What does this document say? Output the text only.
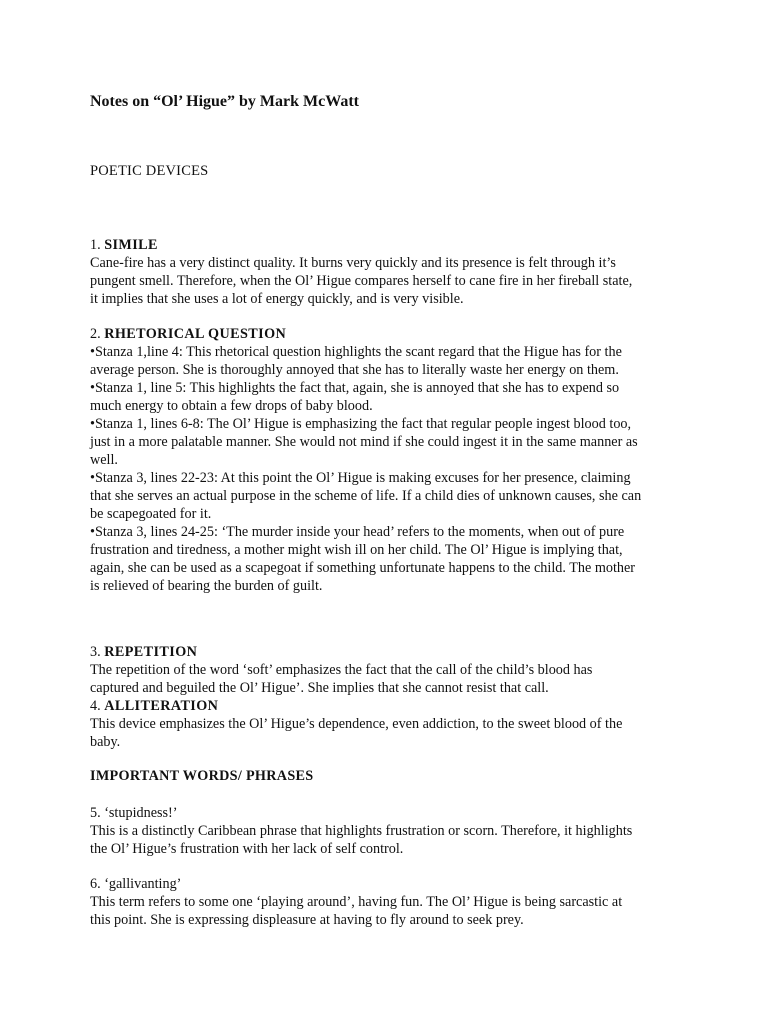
Notes on “Ol’ Higue” by Mark McWatt
POETIC DEVICES
1. SIMILE

Cane-fire has a very distinct quality. It burns very quickly and its presence is felt through it’s
pungent smell. Therefore, when the Ol’ Higue compares herself to cane fire in her fireball state,
it implies that she uses a lot of energy quickly, and is very visible.

2. RHETORICAL QUESTION

•Stanza 1,line 4: This rhetorical question highlights the scant regard that the Higue has for the
average person. She is thoroughly annoyed that she has to literally waste her energy on them.
•Stanza 1, line 5: This highlights the fact that, again, she is annoyed that she has to expend so
much energy to obtain a few drops of baby blood.
•Stanza 1, lines 6-8: The Ol’ Higue is emphasizing the fact that regular people ingest blood too,
just in a more palatable manner. She would not mind if she could ingest it in the same manner as
well.
•Stanza 3, lines 22-23: At this point the Ol’ Higue is making excuses for her presence, claiming
that she serves an actual purpose in the scheme of life. If a child dies of unknown causes, she can
be scapegoated for it.
•Stanza 3, lines 24-25: ‘The murder inside your head’ refers to the moments, when out of pure
frustration and tiredness, a mother might wish ill on her child. The Ol’ Higue is implying that,
again, she can be used as a scapegoat if something unfortunate happens to the child. The mother
is relieved of bearing the burden of guilt.

3. REPETITION

The repetition of the word ‘soft’ emphasizes the fact that the call of the child’s blood has
captured and beguiled the Ol’ Higue’. She implies that she cannot resist that call.

4. ALLITERATION

This device emphasizes the Ol’ Higue’s dependence, even addiction, to the sweet blood of the
baby.

IMPORTANT WORDS/ PHRASES
5. ‘stupidness!’

This is a distinctly Caribbean phrase that highlights frustration or scorn. Therefore, it highlights
the Ol’ Higue’s frustration with her lack of self control.

6. ‘gallivanting’

This term refers to some one ‘playing around’, having fun. The Ol’ Higue is being sarcastic at
this point. She is expressing displeasure at having to fly around to seek prey.
